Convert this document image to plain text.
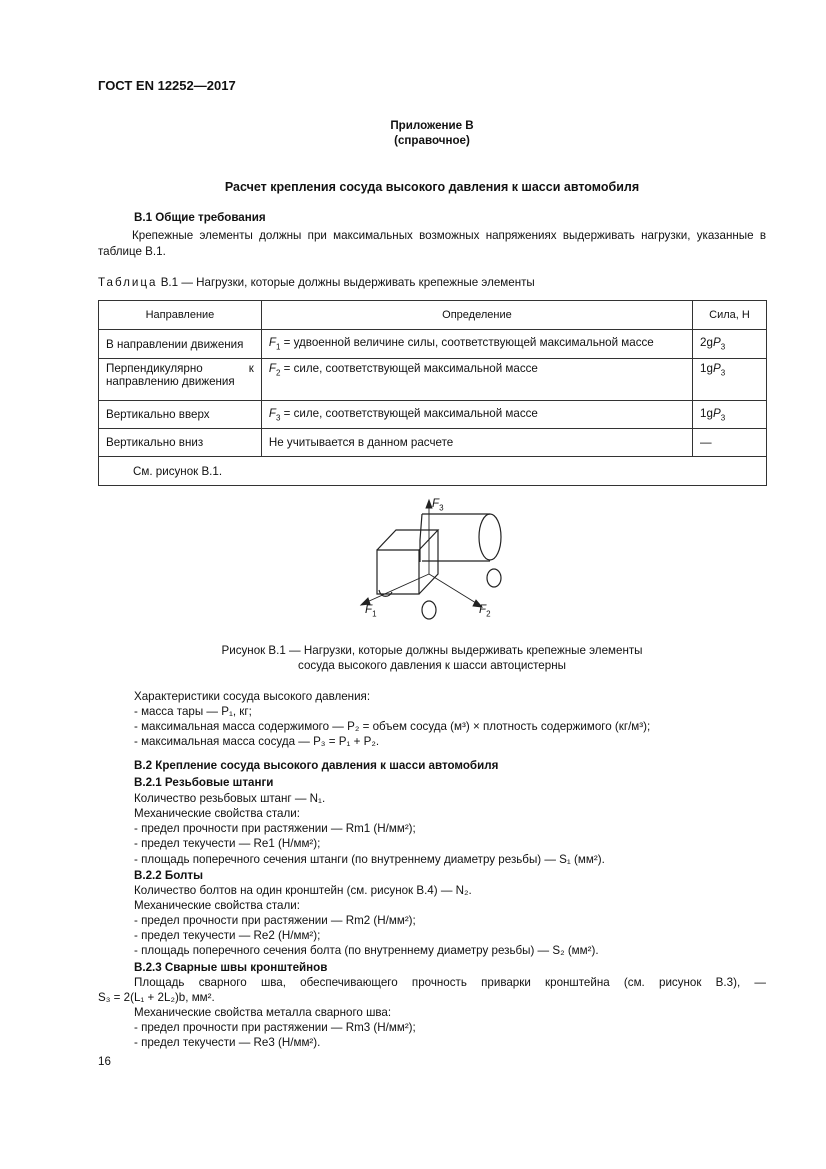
ГОСТ EN 12252—2017
Приложение В
(справочное)
Расчет крепления сосуда высокого давления к шасси автомобиля
В.1 Общие требования
Крепежные элементы должны при максимальных возможных напряжениях выдерживать нагрузки, указанные в таблице В.1.
Таблица В.1 — Нагрузки, которые должны выдерживать крепежные элементы
Направление	Определение	Сила, Н
В направлении движения	$F_1$ = удвоенной величине силы, соответствующей максимальной массе	$2gP_3$
Перпендикулярно к направлению движения	$F_2$ = силе, соответствующей максимальной массе	$1gP_3$
Вертикально вверх	$F_3$ = силе, соответствующей максимальной массе	$1gP_3$
Вертикально вниз	Не учитывается в данном расчете	—
См. рисунок В.1.		
$F_3$
$F_1$	$F_2$
Рисунок В.1 — Нагрузки, которые должны выдерживать крепежные элементы
сосуда высокого давления к шасси автоцистерны
Характеристики сосуда высокого давления:
- масса тары — P₁, кг;
- максимальная масса содержимого — P₂ = объем сосуда (м³) × плотность содержимого (кг/м³);
- максимальная масса сосуда — P₃ = P₁ + P₂.
В.2 Крепление сосуда высокого давления к шасси автомобиля
В.2.1 Резьбовые штанги
Количество резьбовых штанг — N₁.
Механические свойства стали:
- предел прочности при растяжении — Rm1 (Н/мм²);
- предел текучести — Re1 (Н/мм²);
- площадь поперечного сечения штанги (по внутреннему диаметру резьбы) — S₁ (мм²).
В.2.2 Болты
Количество болтов на один кронштейн (см. рисунок В.4) — N₂.
Механические свойства стали:
- предел прочности при растяжении — Rm2 (Н/мм²);
- предел текучести — Re2 (Н/мм²);
- площадь поперечного сечения болта (по внутреннему диаметру резьбы) — S₂ (мм²).
В.2.3 Сварные швы кронштейнов
Площадь сварного шва, обеспечивающего прочность приварки кронштейна (см. рисунок В.3), —
S₃ = 2(L₁ + 2L₂)b, мм².
Механические свойства металла сварного шва:
- предел прочности при растяжении — Rm3 (Н/мм²);
- предел текучести — Re3 (Н/мм²).
16
